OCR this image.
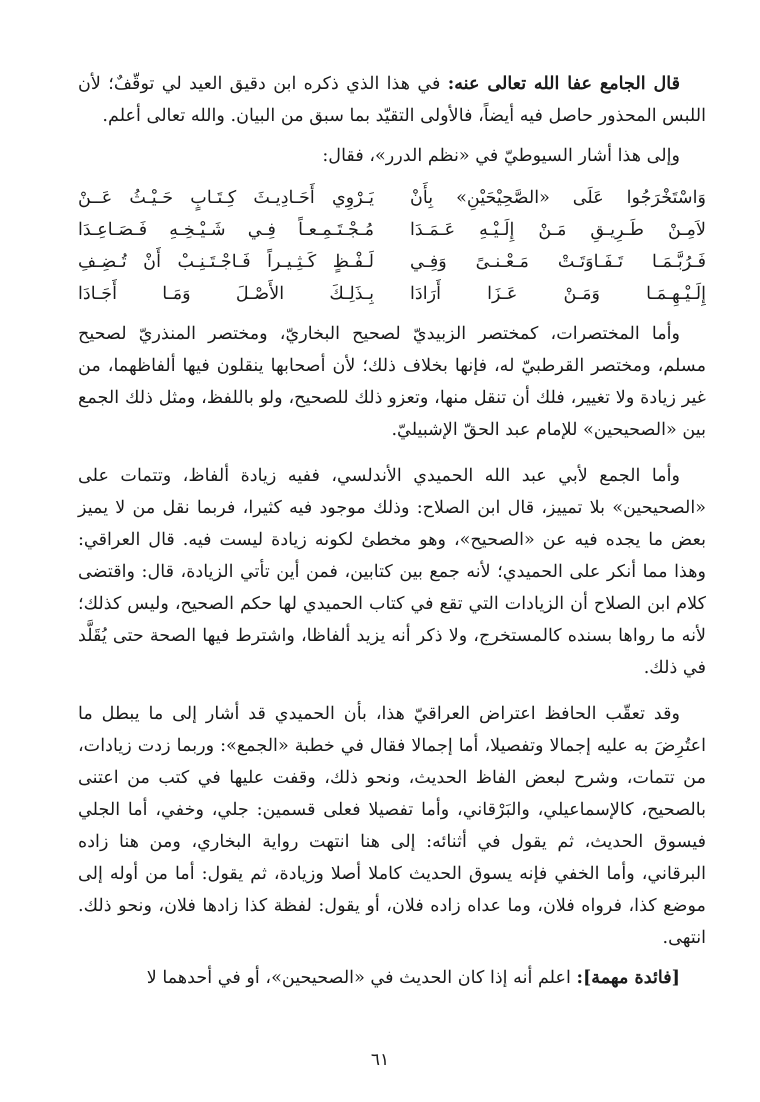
قال الجامع عفا الله تعالى عنه: في هذا الذي ذكره ابن دقيق العيد لي توقّفٌ؛ لأن اللبس المحذور حاصل فيه أيضاً، فالأولى التقيّد بما سبق من البيان. والله تعالى أعلم.

وإلى هذا أشار السيوطيّ في «نظم الدرر»، فقال:

وَاسْتَخْرَجُوا عَلَى «الصَّحِيْحَيْنِ» بِأَنْ
يَـرْوِي أَحَـادِيـثَ كِـتَـابٍ حَـيْـثُ عَــنْ
لاَمِـنْ طَـرِيـقِ مَـنْ إِلَـيْـهِ عَـمَـدَا
مُـجْـتَـمِـعـاً فِـي شَـيْـخِـهِ فَـصَـاعِـدَا
فَـرُبَّـمَـا تَـفَـاوَتَـتْ مَـعْـنـىً وَفِـي
لَـفْـظٍ كَـثِـيـراً فَـاجْـتَـنِـبْ أَنْ تُـضِـفِ
إِلَـيْـهِـمَـا وَمَـنْ عَـزَا أَرَادَا
بِـذَلِـكَ الأَصْـلَ وَمَـا أَجَـادَا

وأما المختصرات، كمختصر الزبيديّ لصحيح البخاريّ، ومختصر المنذريّ لصحيح مسلم، ومختصر القرطبيّ له، فإنها بخلاف ذلك؛ لأن أصحابها ينقلون فيها ألفاظهما، من غير زيادة ولا تغيير، فلك أن تنقل منها، وتعزو ذلك للصحيح، ولو باللفظ، ومثل ذلك الجمع بين «الصحيحين» للإمام عبد الحقّ الإشبيليّ.

وأما الجمع لأبي عبد الله الحميدي الأندلسي، ففيه زيادة ألفاظ، وتتمات على «الصحيحين» بلا تمييز، قال ابن الصلاح: وذلك موجود فيه كثيرا، فربما نقل من لا يميز بعض ما يجده فيه عن «الصحيح»، وهو مخطئ لكونه زيادة ليست فيه. قال العراقي: وهذا مما أنكر على الحميدي؛ لأنه جمع بين كتابين، فمن أين تأتي الزيادة، قال: واقتضى كلام ابن الصلاح أن الزيادات التي تقع في كتاب الحميدي لها حكم الصحيح، وليس كذلك؛ لأنه ما رواها بسنده كالمستخرج، ولا ذكر أنه يزيد ألفاظا، واشترط فيها الصحة حتى يُقَلَّد في ذلك.

وقد تعقّب الحافظ اعتراض العراقيّ هذا، بأن الحميدي قد أشار إلى ما يبطل ما اعتُرِضَ به عليه إجمالا وتفصيلا، أما إجمالا فقال في خطبة «الجمع»: وربما زدت زيادات، من تتمات، وشرح لبعض الفاظ الحديث، ونحو ذلك، وقفت عليها في كتب من اعتنى بالصحيح، كالإسماعيلي، والبَرْقاني، وأما تفصيلا فعلى قسمين: جلي، وخفي، أما الجلي فيسوق الحديث، ثم يقول في أثنائه: إلى هنا انتهت رواية البخاري، ومن هنا زاده البرقاني، وأما الخفي فإنه يسوق الحديث كاملا أصلا وزيادة، ثم يقول: أما من أوله إلى موضع كذا، فرواه فلان، وما عداه زاده فلان، أو يقول: لفظة كذا زادها فلان، ونحو ذلك. انتهى.

[فائدة مهمة]: اعلم أنه إذا كان الحديث في «الصحيحين»، أو في أحدهما لا

٦١
